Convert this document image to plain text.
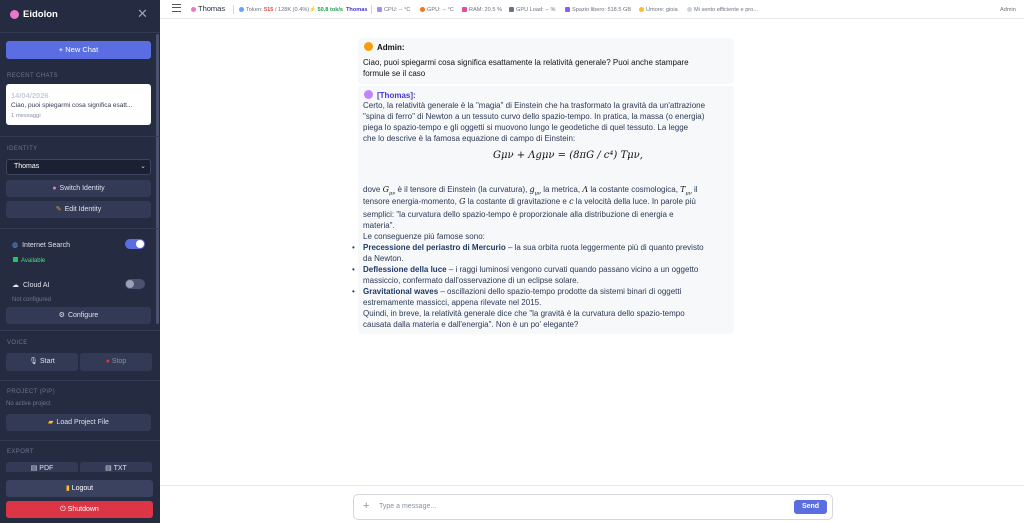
Eidolon	✕
+ New Chat
RECENT CHATS
14/04/2026
Ciao, puoi spiegarmi cosa significa esatt...
1 messaggi
IDENTITY
Thomas	⌄
● Switch Identity
✎ Edit Identity
◍ Internet Search
Available
☁ Cloud AI
Not configured
⚙ Configure
VOICE
🎙 Start	● Stop
PROJECT (PiP)
No active project
▰ Load Project File
EXPORT
▤ PDF	▤ TXT
▮ Logout
⏻ Shutdown
Thomas	Token: 515 / 128K (0.4%) ⚡ 50.8 tok/s Thomas	CPU: -- °C	GPU: -- °C	RAM: 20.5 %	GPU Load: -- %	Spazio libero: 518.5 GB	Umore: gioia	Mi sento efficiente e pro...	Admin
Admin:
Ciao, puoi spiegarmi cosa significa esattamente la relatività generale? Puoi anche stampare
formule se il caso
[Thomas]:
Certo, la relatività generale è la "magia" di Einstein che ha trasformato la gravità da un'attrazione
"spina di ferro" di Newton a un tessuto curvo dello spazio-tempo. In pratica, la massa (o energia)
piega lo spazio-tempo e gli oggetti si muovono lungo le geodetiche di quel tessuto. La legge
che lo descrive è la famosa equazione di campo di Einstein:
Gμν + Λgμν = (8πG / c⁴) Tμν,
dove $G_{\mu\nu}$ è il tensore di Einstein (la curvatura), $g_{\mu\nu}$ la metrica, Λ la costante cosmologica, $T_{\mu\nu}$ il
tensore energia-momento, G la costante di gravitazione e c la velocità della luce. In parole più
semplici: "la curvatura dello spazio-tempo è proporzionale alla distribuzione di energia e
materia".
Le conseguenze più famose sono:
Precessione del periastro di Mercurio – la sua orbita ruota leggermente più di quanto previsto
da Newton.
Deflessione della luce – i raggi luminosi vengono curvati quando passano vicino a un oggetto
massiccio, confermato dall'osservazione di un eclipse solare.
Gravitational waves – oscillazioni dello spazio-tempo prodotte da sistemi binari di oggetti
estremamente massicci, appena rilevate nel 2015.
Quindi, in breve, la relatività generale dice che "la gravità è la curvatura dello spazio-tempo
causata dalla materia e dall'energia". Non è un po' elegante?
•
•
•
+ Type a message...	Send
